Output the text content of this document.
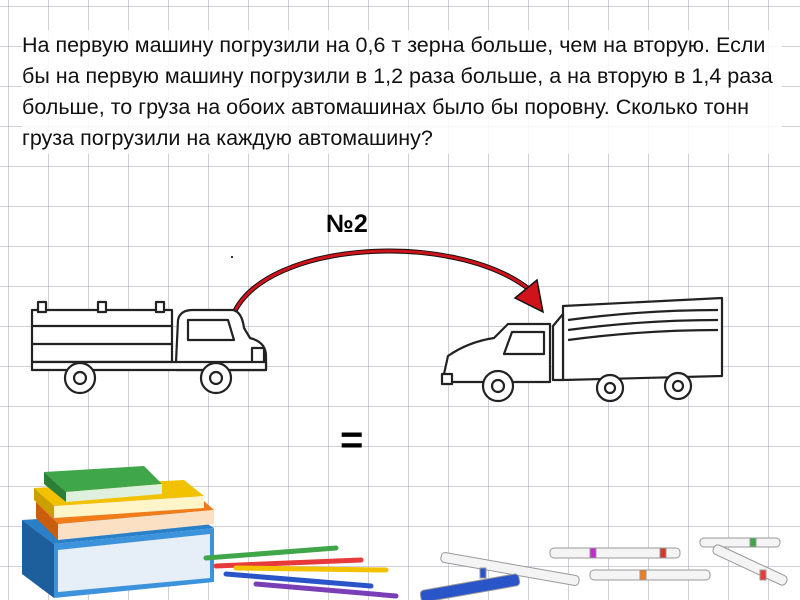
На первую машину погрузили на 0,6 т зерна больше, чем на вторую. Если бы на первую машину погрузили в 1,2 раза больше, а на вторую в 1,4 раза больше, то груза на обоих автомашинах было бы поровну. Сколько тонн груза погрузили на каждую автомашину?
№2
=
